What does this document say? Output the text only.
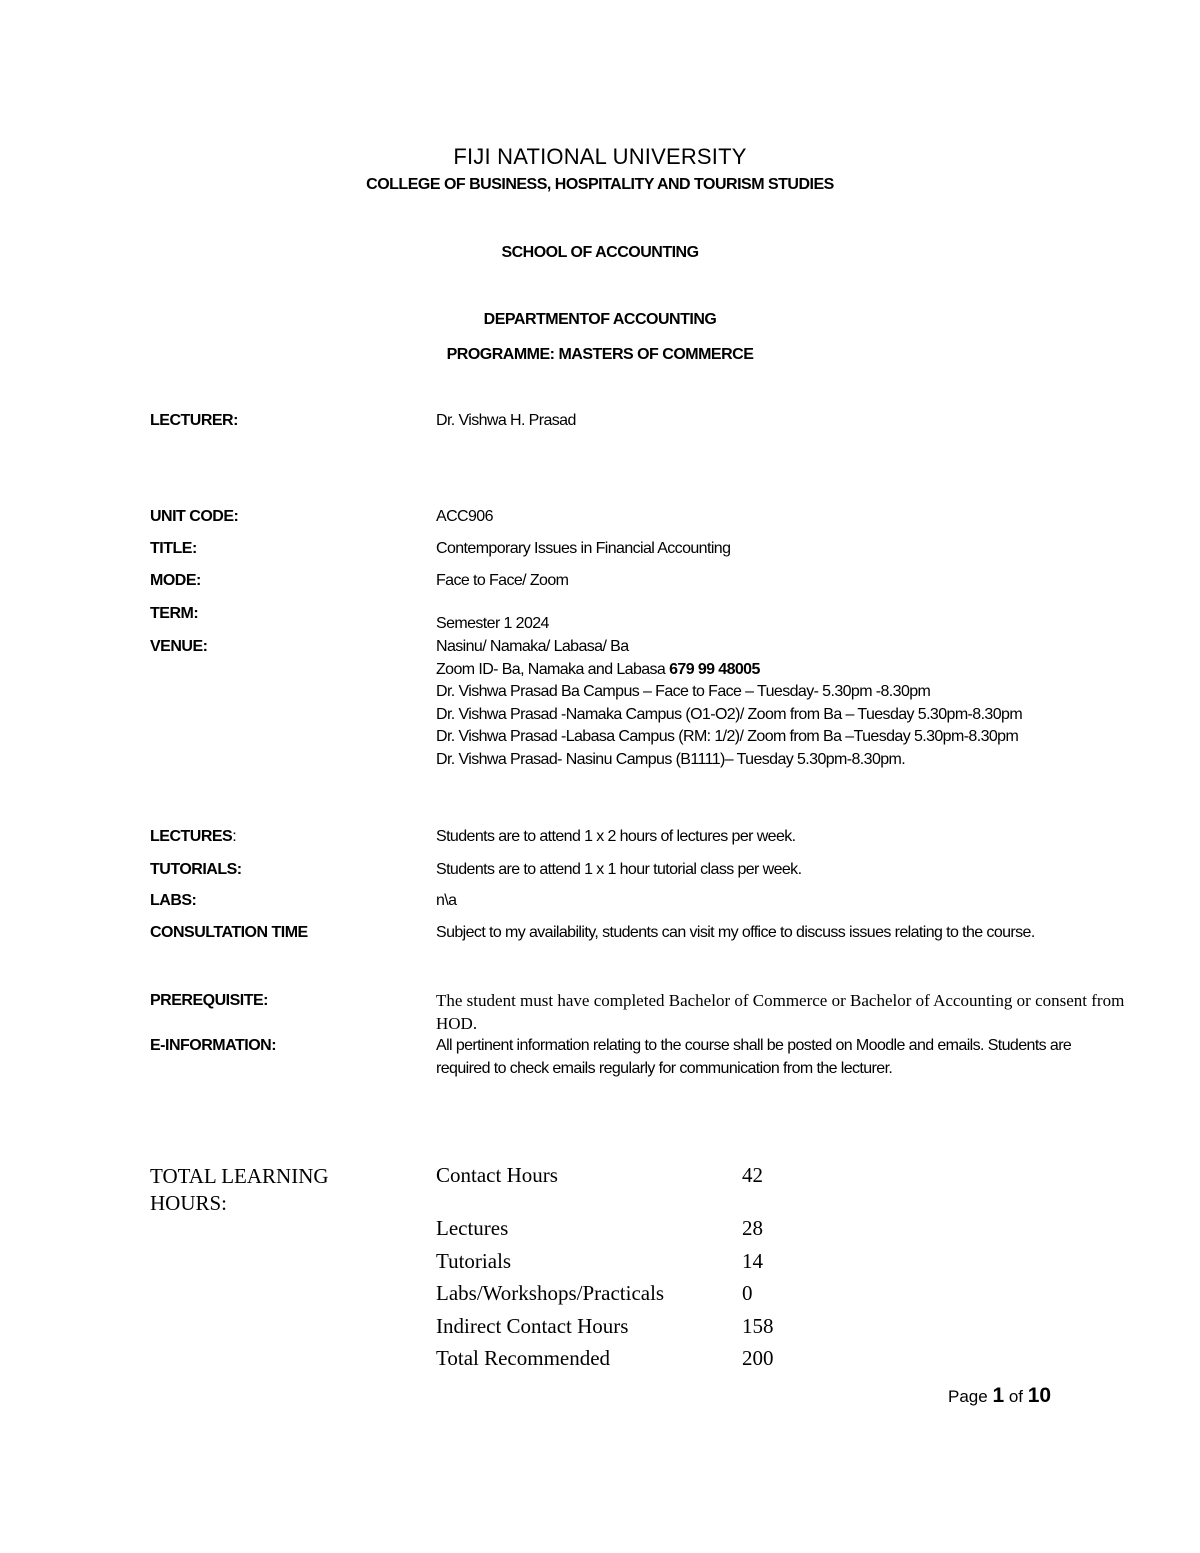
FIJI NATIONAL UNIVERSITY
COLLEGE OF BUSINESS, HOSPITALITY AND TOURISM STUDIES
SCHOOL OF ACCOUNTING
DEPARTMENTOF ACCOUNTING
PROGRAMME: MASTERS OF COMMERCE
LECTURER:	Dr. Vishwa H. Prasad
UNIT CODE:	ACC906
TITLE:	Contemporary Issues in Financial Accounting
MODE:	Face to Face/ Zoom
TERM:
Semester 1 2024
VENUE:	Nasinu/ Namaka/ Labasa/ Ba
Zoom ID- Ba, Namaka and Labasa 679 99 48005
Dr. Vishwa Prasad Ba Campus – Face to Face – Tuesday- 5.30pm -8.30pm
Dr. Vishwa Prasad -Namaka Campus (O1-O2)/ Zoom from Ba – Tuesday 5.30pm-8.30pm
Dr. Vishwa Prasad -Labasa Campus (RM: 1/2)/ Zoom from Ba –Tuesday 5.30pm-8.30pm
Dr. Vishwa Prasad- Nasinu Campus (B1111)– Tuesday 5.30pm-8.30pm.
LECTURES:	Students are to attend 1 x 2 hours of lectures per week.
TUTORIALS:	Students are to attend 1 x 1 hour tutorial class per week.
LABS:	n\a
CONSULTATION TIME	Subject to my availability, students can visit my office to discuss issues relating to the course.
PREREQUISITE:	The student must have completed Bachelor of Commerce or Bachelor of Accounting or consent from HOD.
E-INFORMATION:	All pertinent information relating to the course shall be posted on Moodle and emails. Students are required to check emails regularly for communication from the lecturer.
TOTAL LEARNING HOURS:
Contact Hours	42
Lectures	28
Tutorials	14
Labs/Workshops/Practicals	0
Indirect Contact Hours	158
Total Recommended	200
Page 1 of 10
